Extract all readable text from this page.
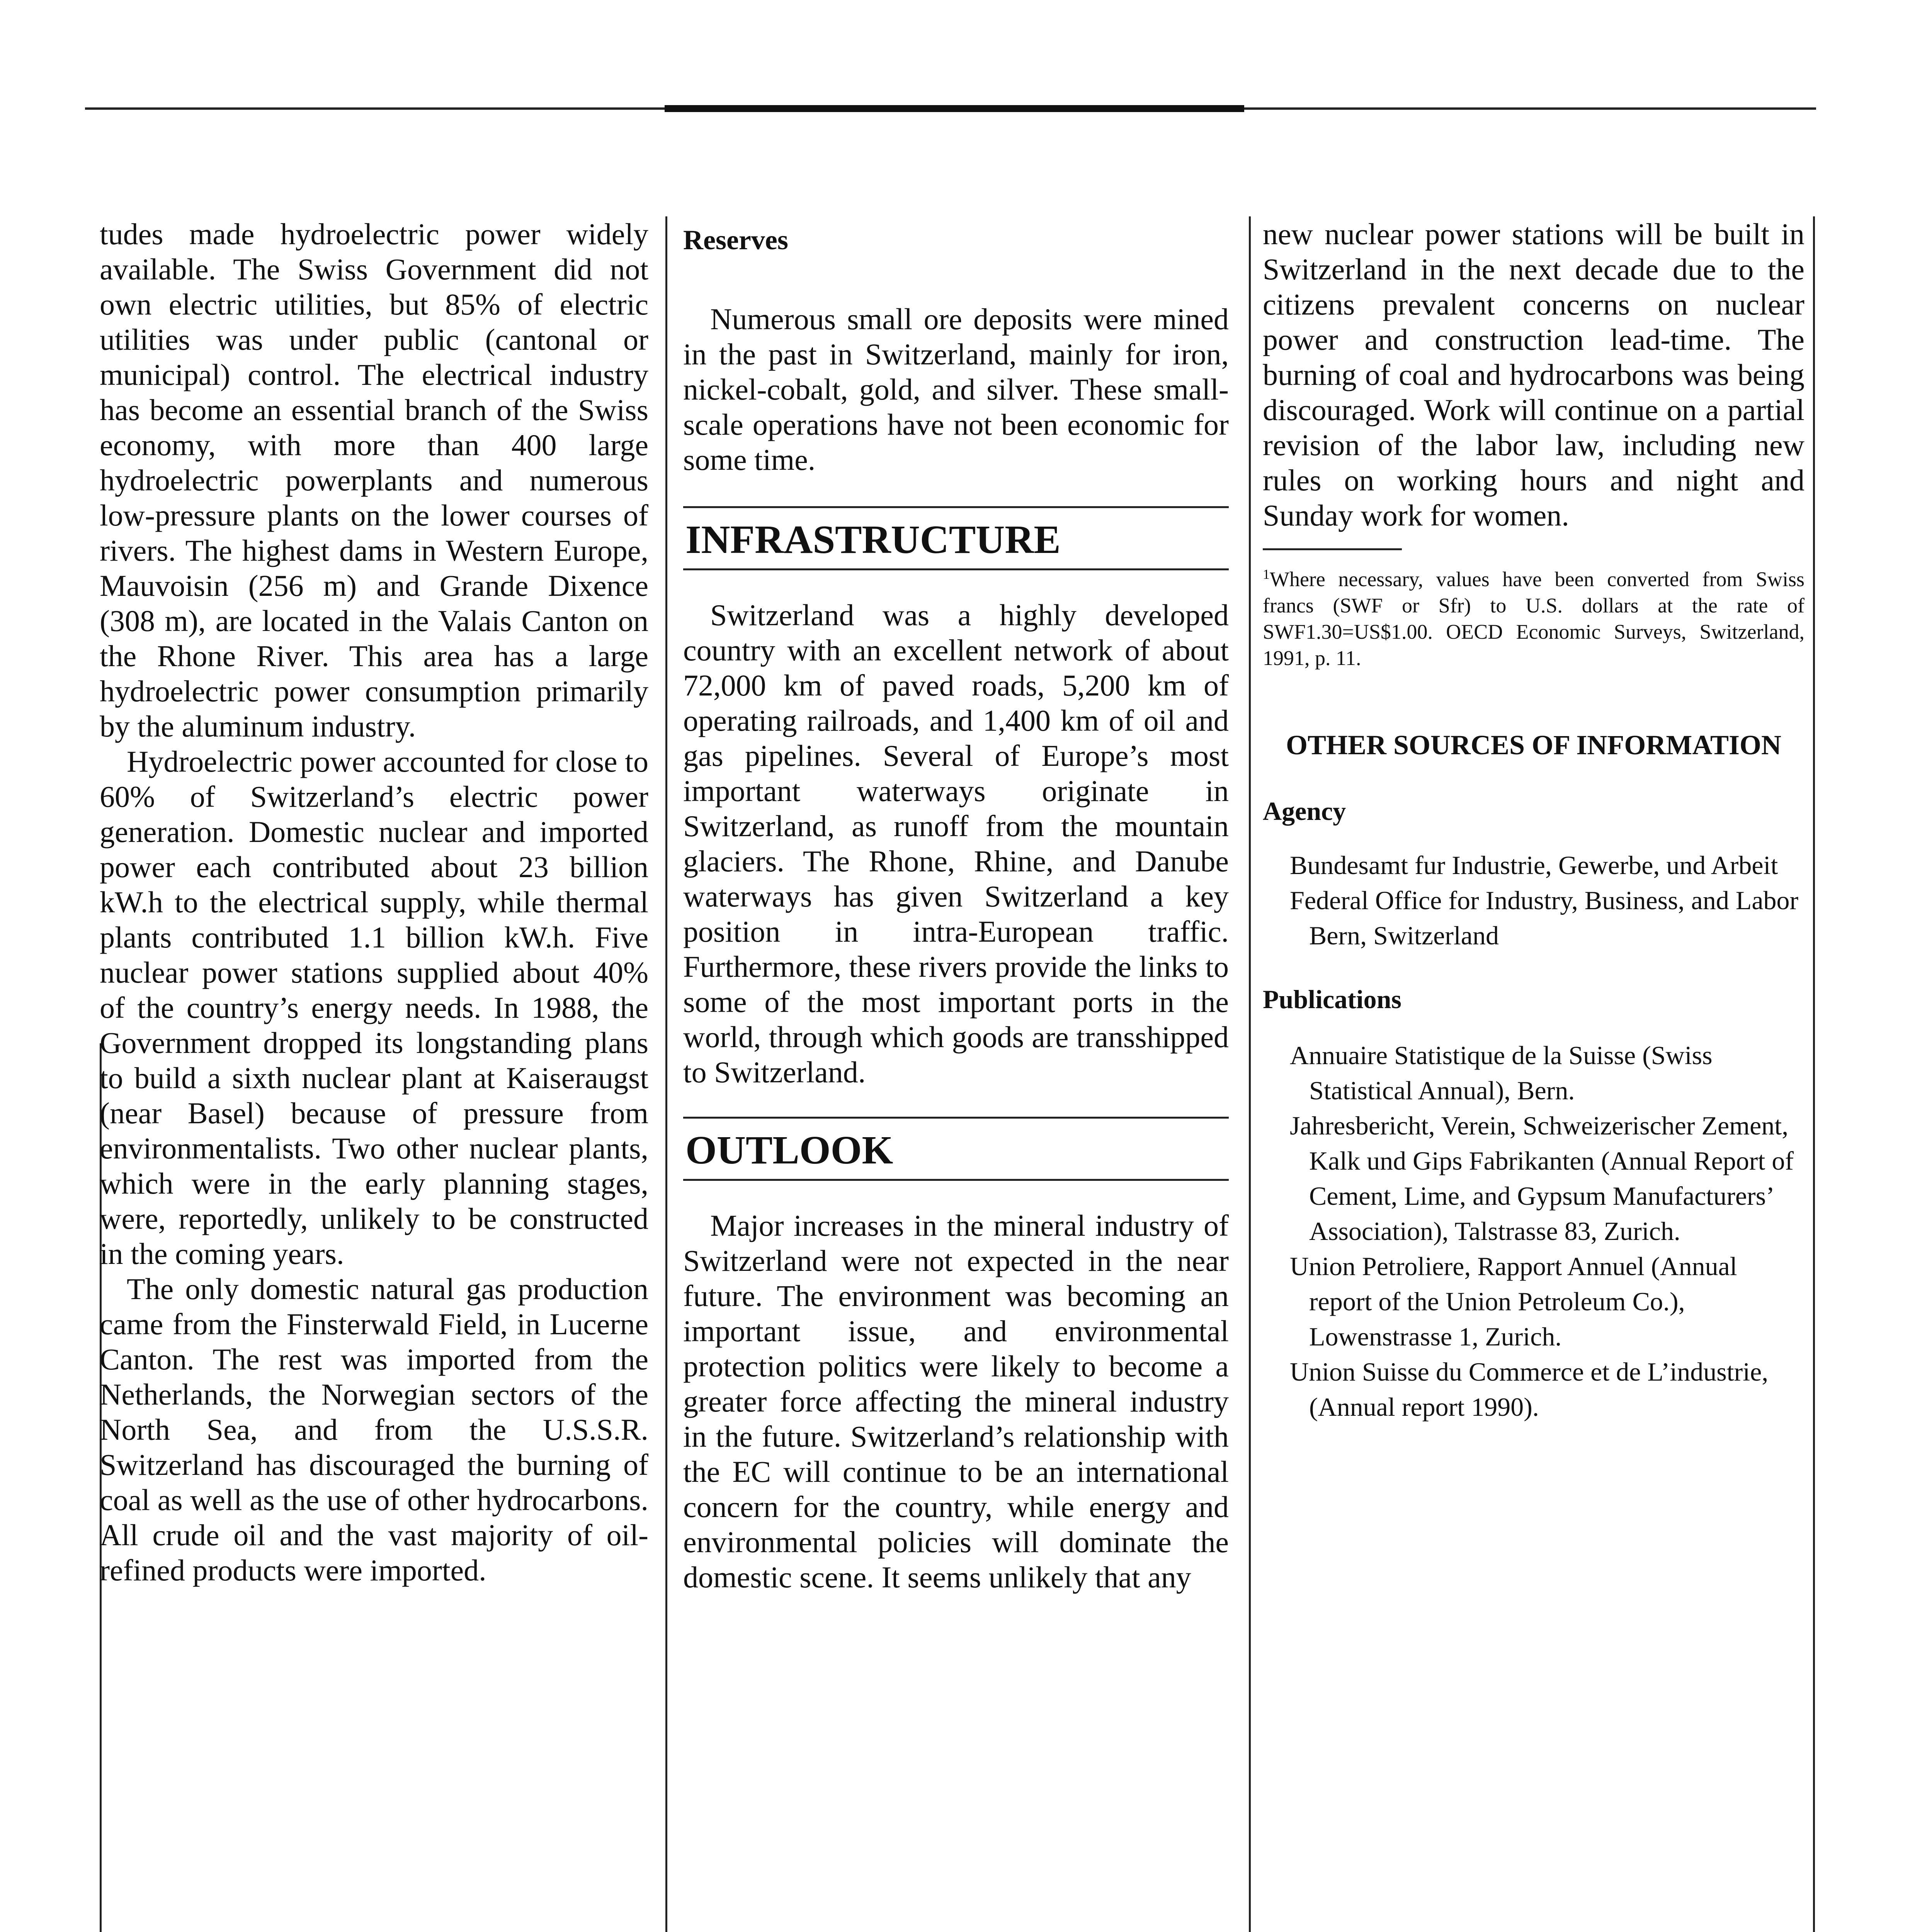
tudes made hydroelectric power widely available. The Swiss Government did not own electric utilities, but 85% of electric utilities was under public (cantonal or municipal) control. The electrical industry has become an essential branch of the Swiss economy, with more than 400 large hydroelectric powerplants and numerous low-pressure plants on the lower courses of rivers. The highest dams in Western Europe, Mauvoisin (256 m) and Grande Dixence (308 m), are located in the Valais Canton on the Rhone River. This area has a large hydroelectric power consumption primarily by the aluminum industry.

Hydroelectric power accounted for close to 60% of Switzerland’s electric power generation. Domestic nuclear and imported power each contributed about 23 billion kW.h to the electrical supply, while thermal plants contributed 1.1 billion kW.h. Five nuclear power stations supplied about 40% of the country’s energy needs. In 1988, the Government dropped its longstanding plans to build a sixth nuclear plant at Kaiseraugst (near Basel) because of pressure from environmentalists. Two other nuclear plants, which were in the early planning stages, were, reportedly, unlikely to be constructed in the coming years.

The only domestic natural gas production came from the Finsterwald Field, in Lucerne Canton. The rest was imported from the Netherlands, the Norwegian sectors of the North Sea, and from the U.S.S.R. Switzerland has discouraged the burning of coal as well as the use of other hydrocarbons. All crude oil and the vast majority of oil-refined products were imported.

Reserves

Numerous small ore deposits were mined in the past in Switzerland, mainly for iron, nickel-cobalt, gold, and silver. These small-scale operations have not been economic for some time.

INFRASTRUCTURE

Switzerland was a highly developed country with an excellent network of about 72,000 km of paved roads, 5,200 km of operating railroads, and 1,400 km of oil and gas pipelines. Several of Europe’s most important waterways originate in Switzerland, as runoff from the mountain glaciers. The Rhone, Rhine, and Danube waterways has given Switzerland a key position in intra-European traffic. Furthermore, these rivers provide the links to some of the most important ports in the world, through which goods are transshipped to Switzerland.

OUTLOOK

Major increases in the mineral industry of Switzerland were not expected in the near future. The environment was becoming an important issue, and environmental protection politics were likely to become a greater force affecting the mineral industry in the future. Switzerland’s relationship with the EC will continue to be an international concern for the country, while energy and environmental policies will dominate the domestic scene. It seems unlikely that any

new nuclear power stations will be built in Switzerland in the next decade due to the citizens prevalent concerns on nuclear power and construction lead-time. The burning of coal and hydrocarbons was being discouraged. Work will continue on a partial revision of the labor law, including new rules on working hours and night and Sunday work for women.

$^1$Where necessary, values have been converted from Swiss francs (SWF or Sfr) to U.S. dollars at the rate of SWF1.30=US$1.00. OECD Economic Surveys, Switzerland, 1991, p. 11.

OTHER SOURCES OF INFORMATION

Agency

Bundesamt fur Industrie, Gewerbe, und Arbeit

Federal Office for Industry, Business, and Labor

Bern, Switzerland

Publications

Annuaire Statistique de la Suisse (Swiss Statistical Annual), Bern.

Jahresbericht, Verein, Schweizerischer Zement, Kalk und Gips Fabrikanten (Annual Report of Cement, Lime, and Gypsum Manufacturers’ Association), Talstrasse 83, Zurich.

Union Petroliere, Rapport Annuel (Annual report of the Union Petroleum Co.), Lowenstrasse 1, Zurich.

Union Suisse du Commerce et de L’industrie, (Annual report 1990).
